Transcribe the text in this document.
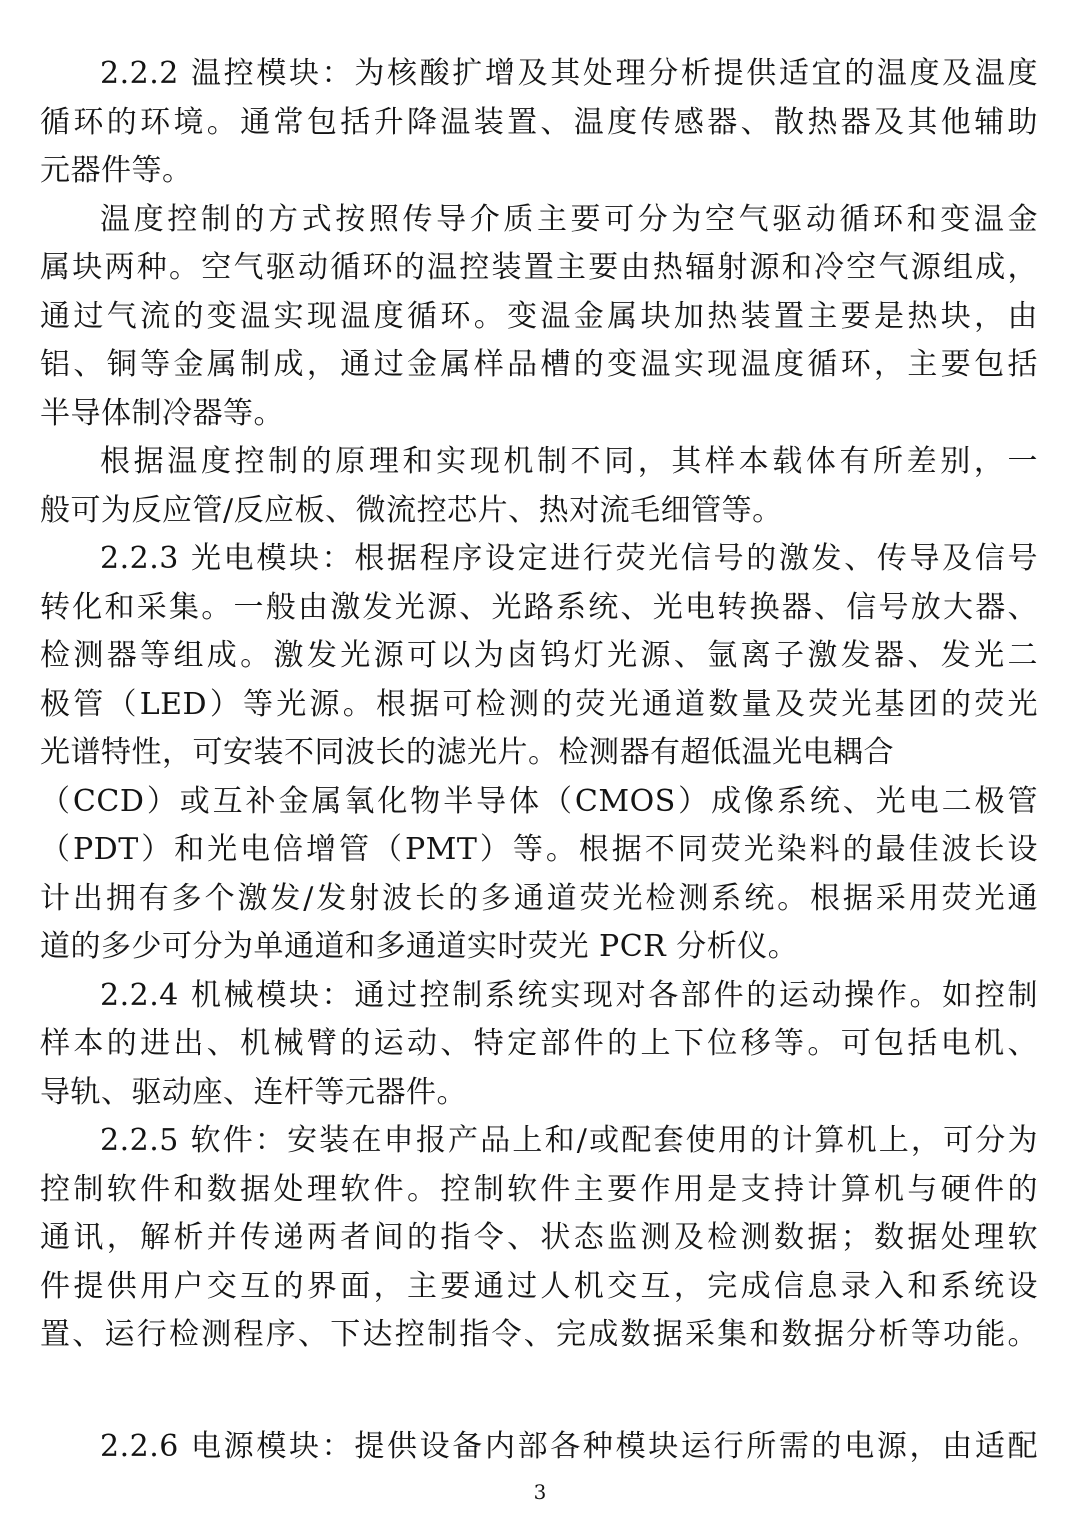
2.2.2 温控模块：为核酸扩增及其处理分析提供适宜的温度及温度
循环的环境。通常包括升降温装置、温度传感器、散热器及其他辅助
元器件等。
温度控制的方式按照传导介质主要可分为空气驱动循环和变温金
属块两种。空气驱动循环的温控装置主要由热辐射源和冷空气源组成，
通过气流的变温实现温度循环。变温金属块加热装置主要是热块，由
铝、铜等金属制成，通过金属样品槽的变温实现温度循环，主要包括
半导体制冷器等。
根据温度控制的原理和实现机制不同，其样本载体有所差别，一
般可为反应管/反应板、微流控芯片、热对流毛细管等。
2.2.3 光电模块：根据程序设定进行荧光信号的激发、传导及信号
转化和采集。一般由激发光源、光路系统、光电转换器、信号放大器、
检测器等组成。激发光源可以为卤钨灯光源、氩离子激发器、发光二
极管（LED）等光源。根据可检测的荧光通道数量及荧光基团的荧光
光谱特性，可安装不同波长的滤光片。检测器有超低温光电耦合
（CCD）或互补金属氧化物半导体（CMOS）成像系统、光电二极管
（PDT）和光电倍增管（PMT）等。根据不同荧光染料的最佳波长设
计出拥有多个激发/发射波长的多通道荧光检测系统。根据采用荧光通
道的多少可分为单通道和多通道实时荧光 PCR 分析仪。
2.2.4 机械模块：通过控制系统实现对各部件的运动操作。如控制
样本的进出、机械臂的运动、特定部件的上下位移等。可包括电机、
导轨、驱动座、连杆等元器件。
2.2.5 软件：安装在申报产品上和/或配套使用的计算机上，可分为
控制软件和数据处理软件。控制软件主要作用是支持计算机与硬件的
通讯，解析并传递两者间的指令、状态监测及检测数据；数据处理软
件提供用户交互的界面，主要通过人机交互，完成信息录入和系统设
置、运行检测程序、下达控制指令、完成数据采集和数据分析等功能。
2.2.6 电源模块：提供设备内部各种模块运行所需的电源，由适配
3
